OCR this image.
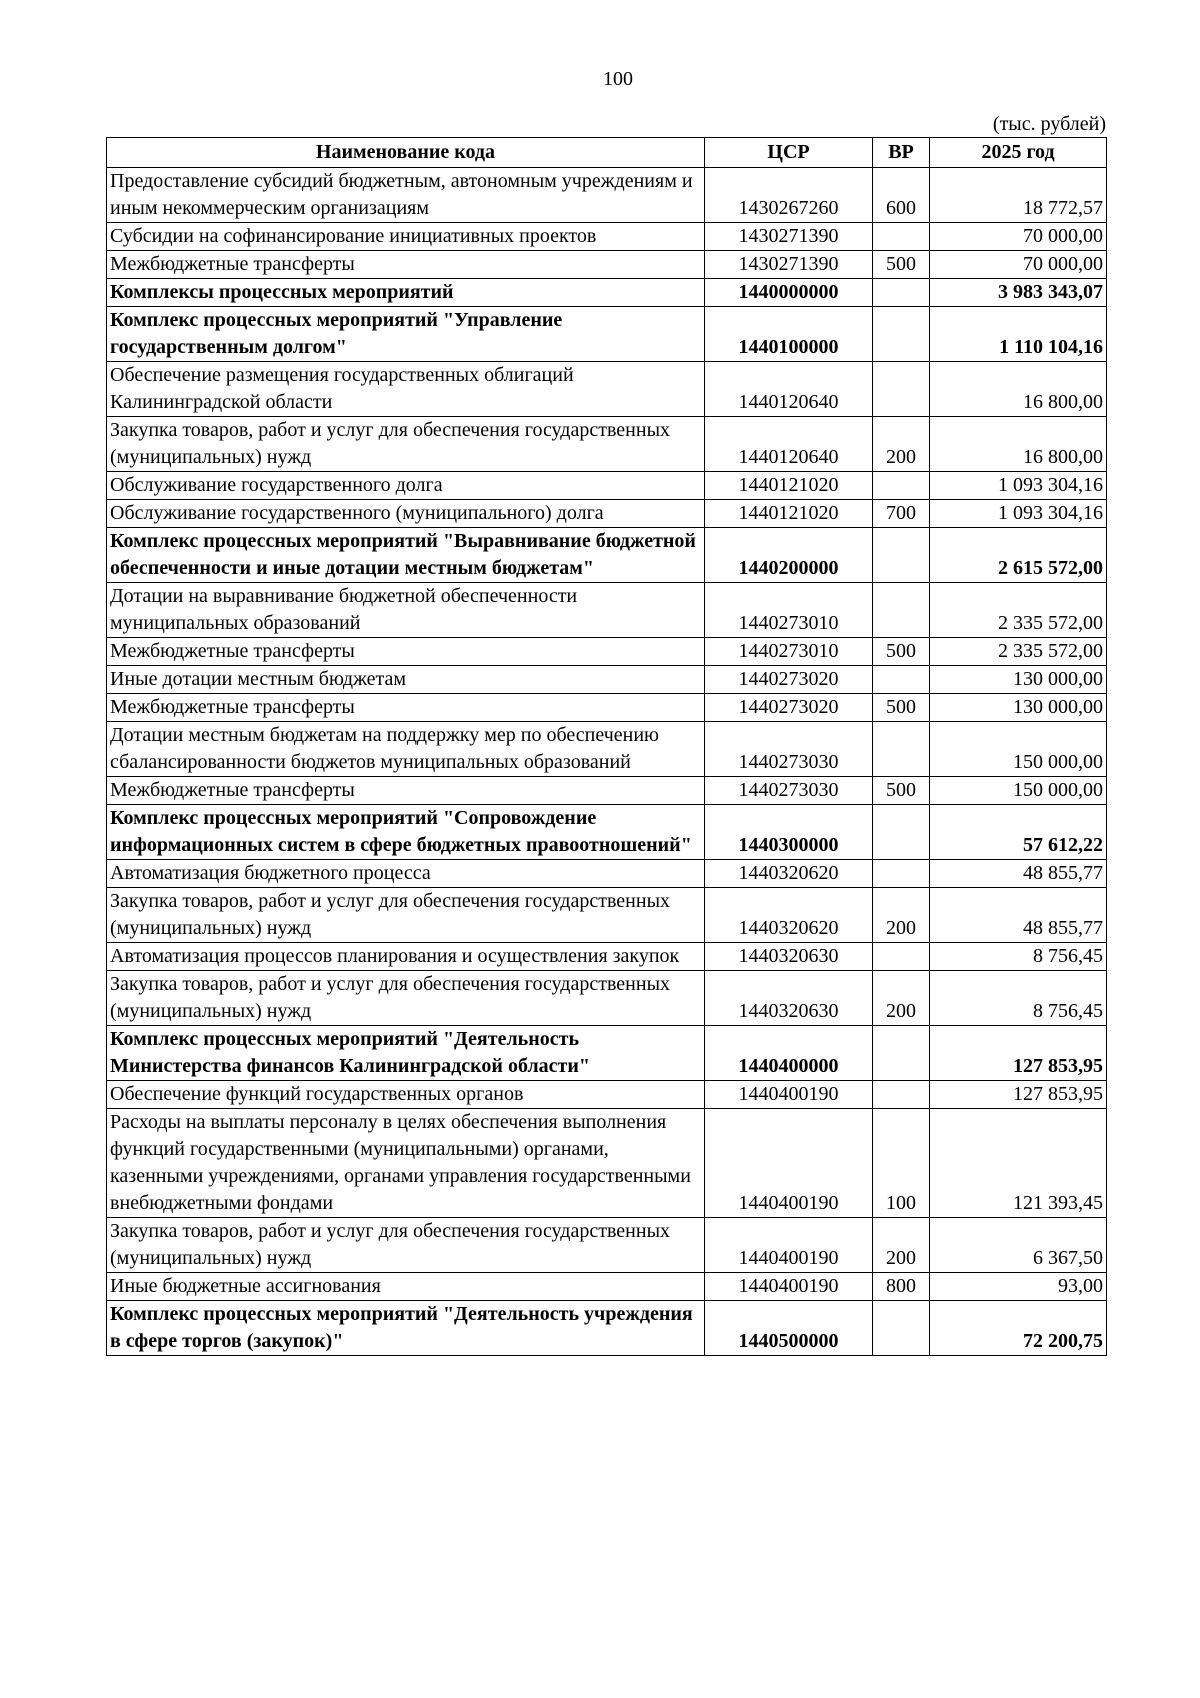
100
(тыс. рублей)
Наименование кода	ЦСР	ВР	2025 год
Предоставление субсидий бюджетным, автономным учреждениям и иным некоммерческим организациям	1430267260	600	18 772,57
Субсидии на софинансирование инициативных проектов	1430271390		70 000,00
Межбюджетные трансферты	1430271390	500	70 000,00
Комплексы процессных мероприятий	1440000000		3 983 343,07
Комплекс процессных мероприятий "Управление государственным долгом"	1440100000		1 110 104,16
Обеспечение размещения государственных облигаций Калининградской области	1440120640		16 800,00
Закупка товаров, работ и услуг для обеспечения государственных (муниципальных) нужд	1440120640	200	16 800,00
Обслуживание государственного долга	1440121020		1 093 304,16
Обслуживание государственного (муниципального) долга	1440121020	700	1 093 304,16
Комплекс процессных мероприятий "Выравнивание бюджетной обеспеченности и иные дотации местным бюджетам"	1440200000		2 615 572,00
Дотации на выравнивание бюджетной обеспеченности муниципальных образований	1440273010		2 335 572,00
Межбюджетные трансферты	1440273010	500	2 335 572,00
Иные дотации местным бюджетам	1440273020		130 000,00
Межбюджетные трансферты	1440273020	500	130 000,00
Дотации местным бюджетам на поддержку мер по обеспечению сбалансированности бюджетов муниципальных образований	1440273030		150 000,00
Межбюджетные трансферты	1440273030	500	150 000,00
Комплекс процессных мероприятий "Сопровождение информационных систем в сфере бюджетных правоотношений"	1440300000		57 612,22
Автоматизация бюджетного процесса	1440320620		48 855,77
Закупка товаров, работ и услуг для обеспечения государственных (муниципальных) нужд	1440320620	200	48 855,77
Автоматизация процессов планирования и осуществления закупок	1440320630		8 756,45
Закупка товаров, работ и услуг для обеспечения государственных (муниципальных) нужд	1440320630	200	8 756,45
Комплекс процессных мероприятий "Деятельность Министерства финансов Калининградской области"	1440400000		127 853,95
Обеспечение функций государственных органов	1440400190		127 853,95
Расходы на выплаты персоналу в целях обеспечения выполнения функций государственными (муниципальными) органами, казенными учреждениями, органами управления государственными внебюджетными фондами	1440400190	100	121 393,45
Закупка товаров, работ и услуг для обеспечения государственных (муниципальных) нужд	1440400190	200	6 367,50
Иные бюджетные ассигнования	1440400190	800	93,00
Комплекс процессных мероприятий "Деятельность учреждения в сфере торгов (закупок)"	1440500000		72 200,75
